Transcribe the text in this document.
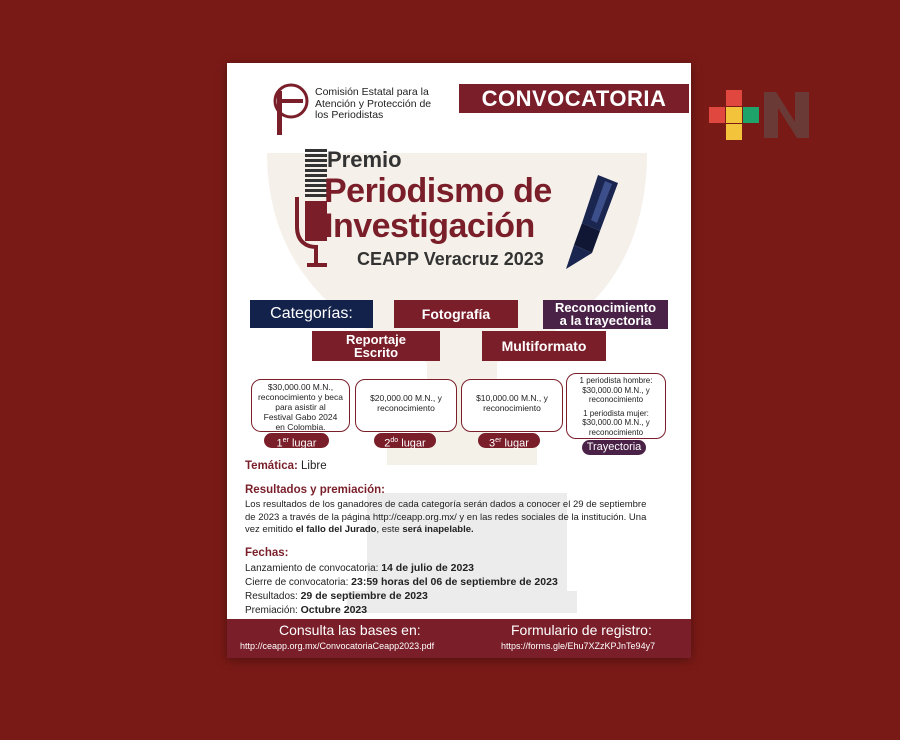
Comisión Estatal para la
Atención y Protección de
los Periodistas
CONVOCATORIA
Premio
Periodismo de
Investigación
CEAPP Veracruz 2023
Categorías:	Fotografía	Reconocimiento
a la trayectoria
Reportaje
Escrito	Multiformato
$30,000.00 M.N.,
reconocimiento y beca
para asistir al
Festival Gabo 2024
en Colombia.
1er lugar
$20,000.00 M.N., y
reconocimiento
$2^{do}$ lugar
$10,000.00 M.N., y
reconocimiento
3er lugar
1 periodista hombre:
$30,000.00 M.N., y
reconocimiento
1 periodista mujer:
$30,000.00 M.N., y
reconocimiento
Trayectoria
Temática: Libre
Resultados y premiación:
Los resultados de los ganadores de cada categoría serán dados a conocer el 29 de septiembre
de 2023 a través de la página http://ceapp.org.mx/ y en las redes sociales de la institución. Una
vez emitido el fallo del Jurado, este será inapelable.
Fechas:
Lanzamiento de convocatoria: 14 de julio de 2023
Cierre de convocatoria: 23:59 horas del 06 de septiembre de 2023
Resultados: 29 de septiembre de 2023
Premiación: Octubre 2023
Consulta las bases en:
http://ceapp.org.mx/ConvocatoriaCeapp2023.pdf
Formulario de registro:
https://forms.gle/Ehu7XZzKPJnTe94y7
